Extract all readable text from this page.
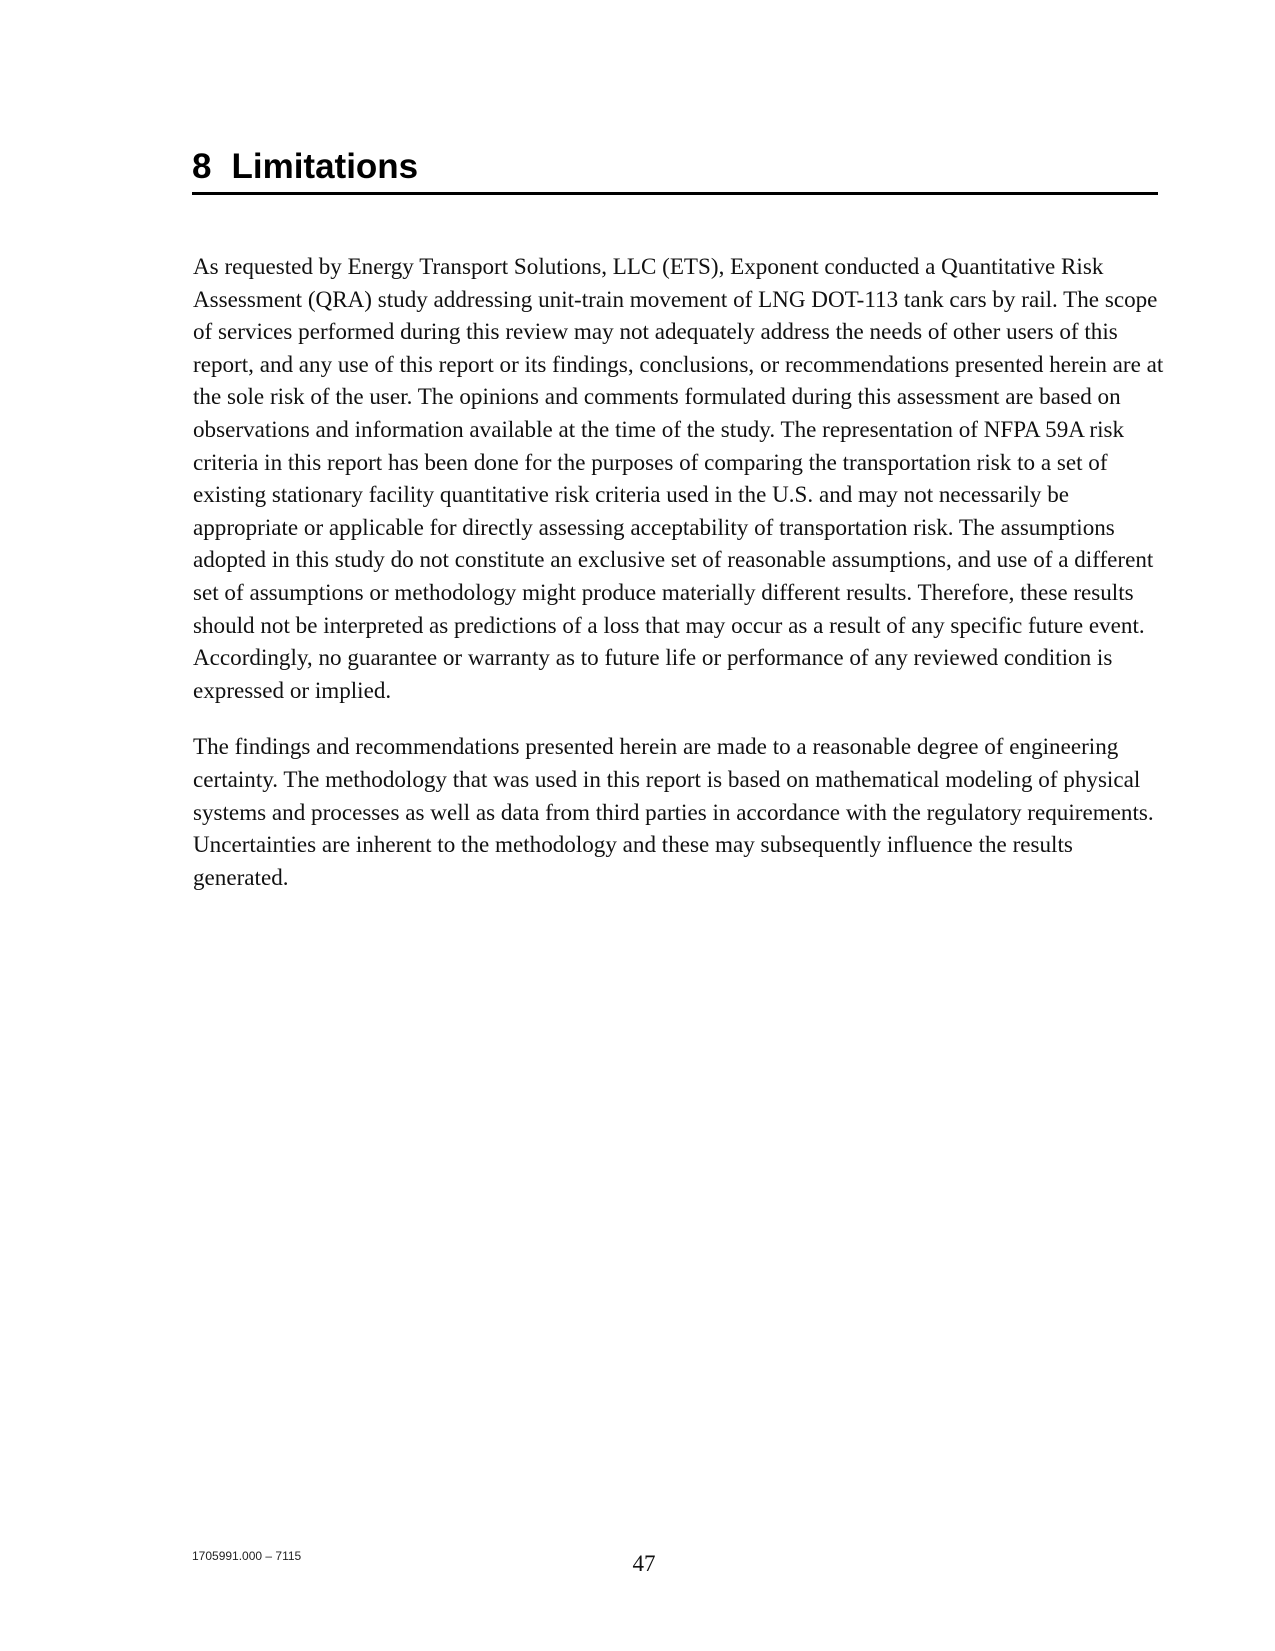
8 Limitations

As requested by Energy Transport Solutions, LLC (ETS), Exponent conducted a Quantitative Risk Assessment (QRA) study addressing unit-train movement of LNG DOT-113 tank cars by rail. The scope of services performed during this review may not adequately address the needs of other users of this report, and any use of this report or its findings, conclusions, or recommendations presented herein are at the sole risk of the user. The opinions and comments formulated during this assessment are based on observations and information available at the time of the study. The representation of NFPA 59A risk criteria in this report has been done for the purposes of comparing the transportation risk to a set of existing stationary facility quantitative risk criteria used in the U.S. and may not necessarily be appropriate or applicable for directly assessing acceptability of transportation risk. The assumptions adopted in this study do not constitute an exclusive set of reasonable assumptions, and use of a different set of assumptions or methodology might produce materially different results. Therefore, these results should not be interpreted as predictions of a loss that may occur as a result of any specific future event. Accordingly, no guarantee or warranty as to future life or performance of any reviewed condition is expressed or implied.

The findings and recommendations presented herein are made to a reasonable degree of engineering certainty. The methodology that was used in this report is based on mathematical modeling of physical systems and processes as well as data from third parties in accordance with the regulatory requirements. Uncertainties are inherent to the methodology and these may subsequently influence the results generated.

1705991.000 – 7115	47
